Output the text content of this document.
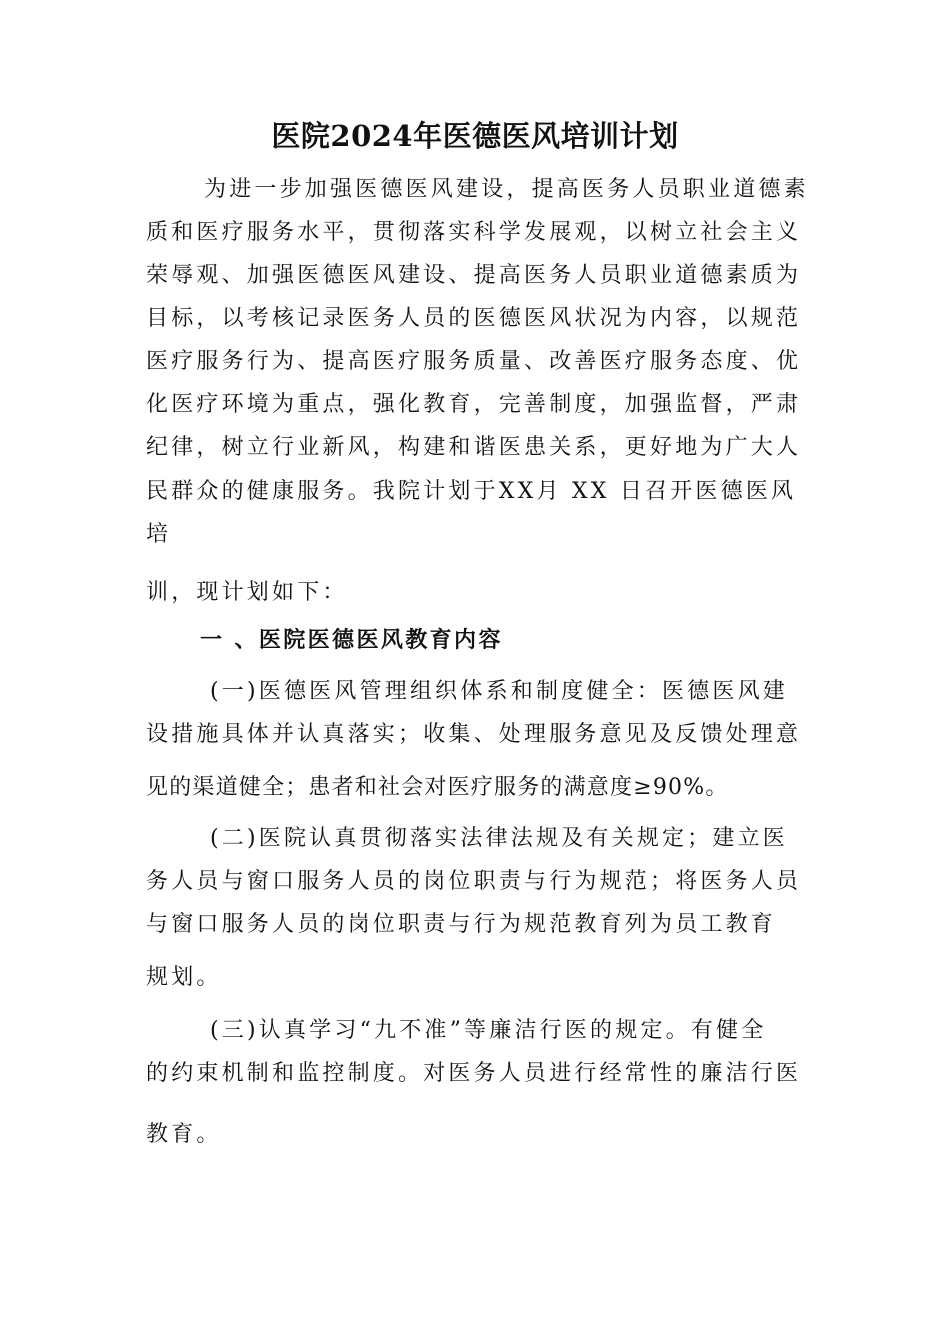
医院2024年医德医风培训计划
为进一步加强医德医风建设，提高医务人员职业道德素
质和医疗服务水平，贯彻落实科学发展观，以树立社会主义
荣辱观、加强医德医风建设、提高医务人员职业道德素质为
目标，以考核记录医务人员的医德医风状况为内容，以规范
医疗服务行为、提高医疗服务质量、改善医疗服务态度、优
化医疗环境为重点，强化教育，完善制度，加强监督，严肃
纪律，树立行业新风，构建和谐医患关系，更好地为广大人
民群众的健康服务。我院计划于XX月 XX 日召开医德医风
培
训，现计划如下：
一 、医院医德医风教育内容
(一)医德医风管理组织体系和制度健全：医德医风建
设措施具体并认真落实；收集、处理服务意见及反馈处理意
见的渠道健全；患者和社会对医疗服务的满意度≥90%。
(二)医院认真贯彻落实法律法规及有关规定；建立医
务人员与窗口服务人员的岗位职责与行为规范；将医务人员
与窗口服务人员的岗位职责与行为规范教育列为员工教育
规划。
(三)认真学习“九不准”等廉洁行医的规定。有健全
的约束机制和监控制度。对医务人员进行经常性的廉洁行医
教育。
